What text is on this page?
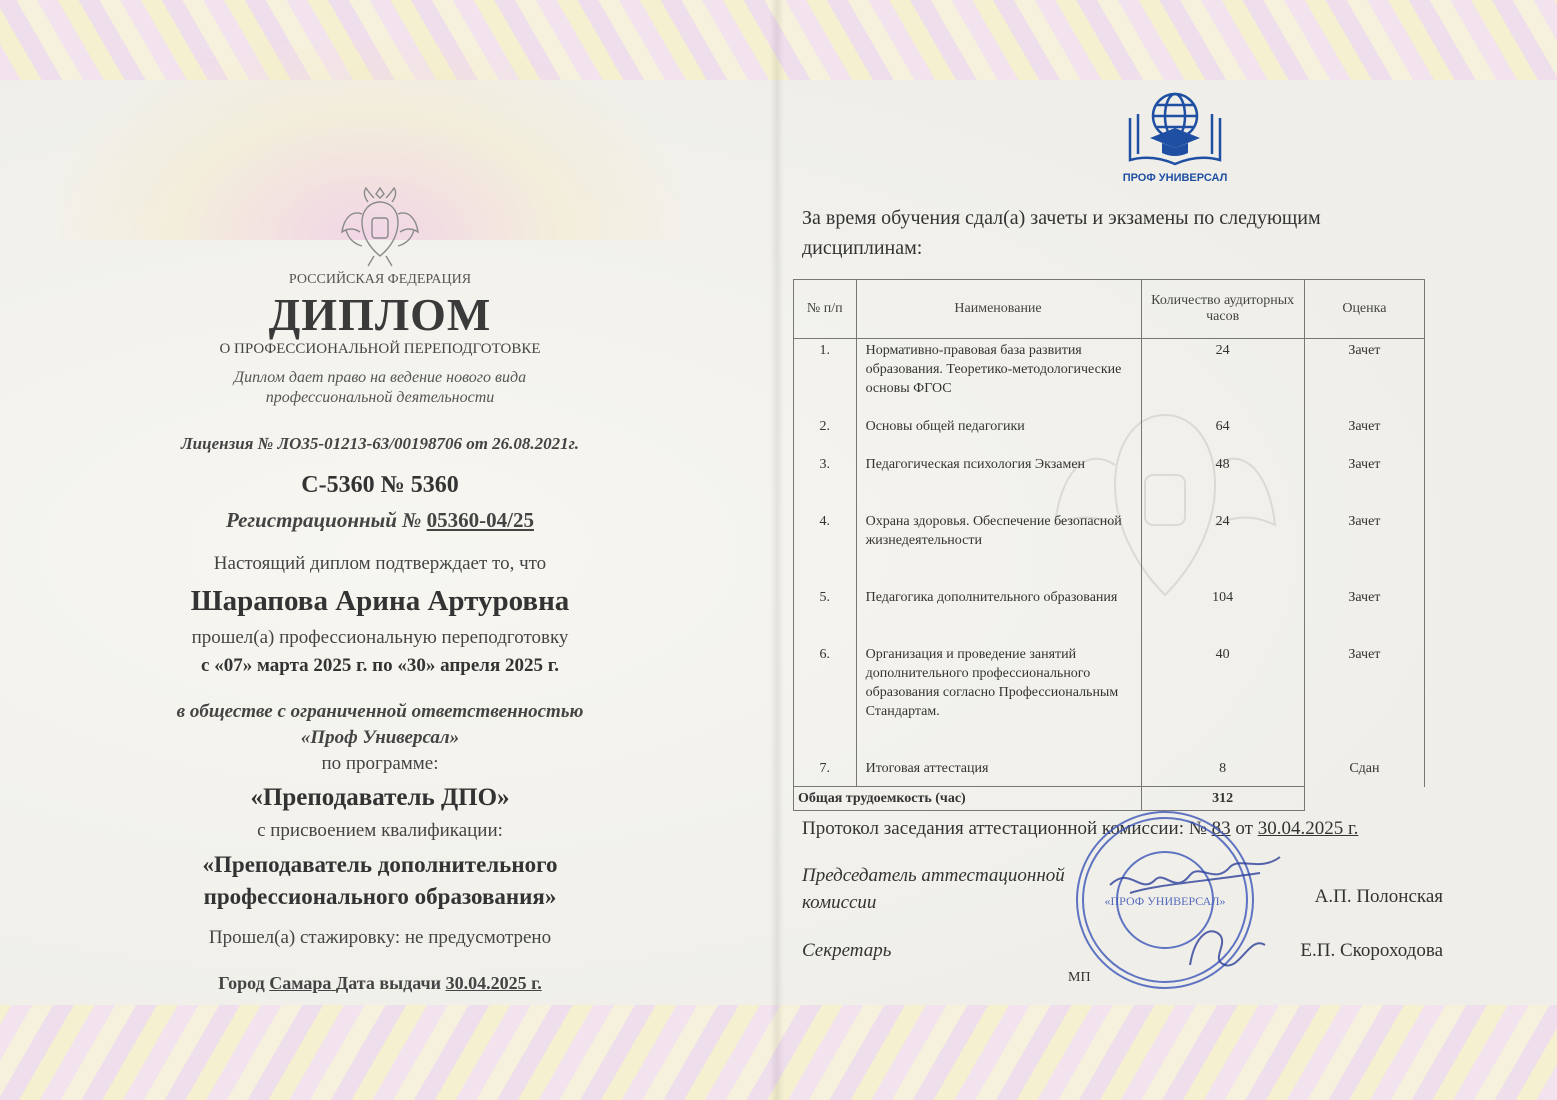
РОССИЙСКАЯ ФЕДЕРАЦИЯ
ДИПЛОМ
О ПРОФЕССИОНАЛЬНОЙ ПЕРЕПОДГОТОВКЕ
Диплом дает право на ведение нового вида
профессиональной деятельности
Лицензия № ЛО35-01213-63/00198706 от 26.08.2021г.
С-5360 № 5360
Регистрационный № 05360-04/25
Настоящий диплом подтверждает то, что
Шарапова Арина Артуровна
прошел(а) профессиональную переподготовку
с «07» марта 2025 г. по «30» апреля 2025 г.
в обществе с ограниченной ответственностью
«Проф Универсал»
по программе:
«Преподаватель ДПО»
с присвоением квалификации:
«Преподаватель дополнительного
профессионального образования»
Прошел(а) стажировку: не предусмотрено
Город Самара Дата выдачи 30.04.2025 г.
ПРОФ УНИВЕРСАЛ
За время обучения сдал(а) зачеты и экзамены по следующим дисциплинам:
№ п/п	Наименование	Количество аудиторных часов	Оценка
1.	Нормативно-правовая база развития образования. Теоретико-методологические основы ФГОС	24	Зачет
2.	Основы общей педагогики	64	Зачет
3.	Педагогическая психология Экзамен	48	Зачет
4.	Охрана здоровья. Обеспечение безопасной жизнедеятельности	24	Зачет
5.	Педагогика дополнительного образования	104	Зачет
6.	Организация и проведение занятий дополнительного профессионального образования согласно Профессиональным Стандартам.	40	Зачет
7.	Итоговая аттестация	8	Сдан
Общая трудоемкость (час)		312	
Протокол заседания аттестационной комиссии: № 83 от 30.04.2025 г.
Председатель аттестационной комиссии	А.П. Полонская
Секретарь	Е.П. Скороходова
МП
«ПРОФ УНИВЕРСАЛ»
